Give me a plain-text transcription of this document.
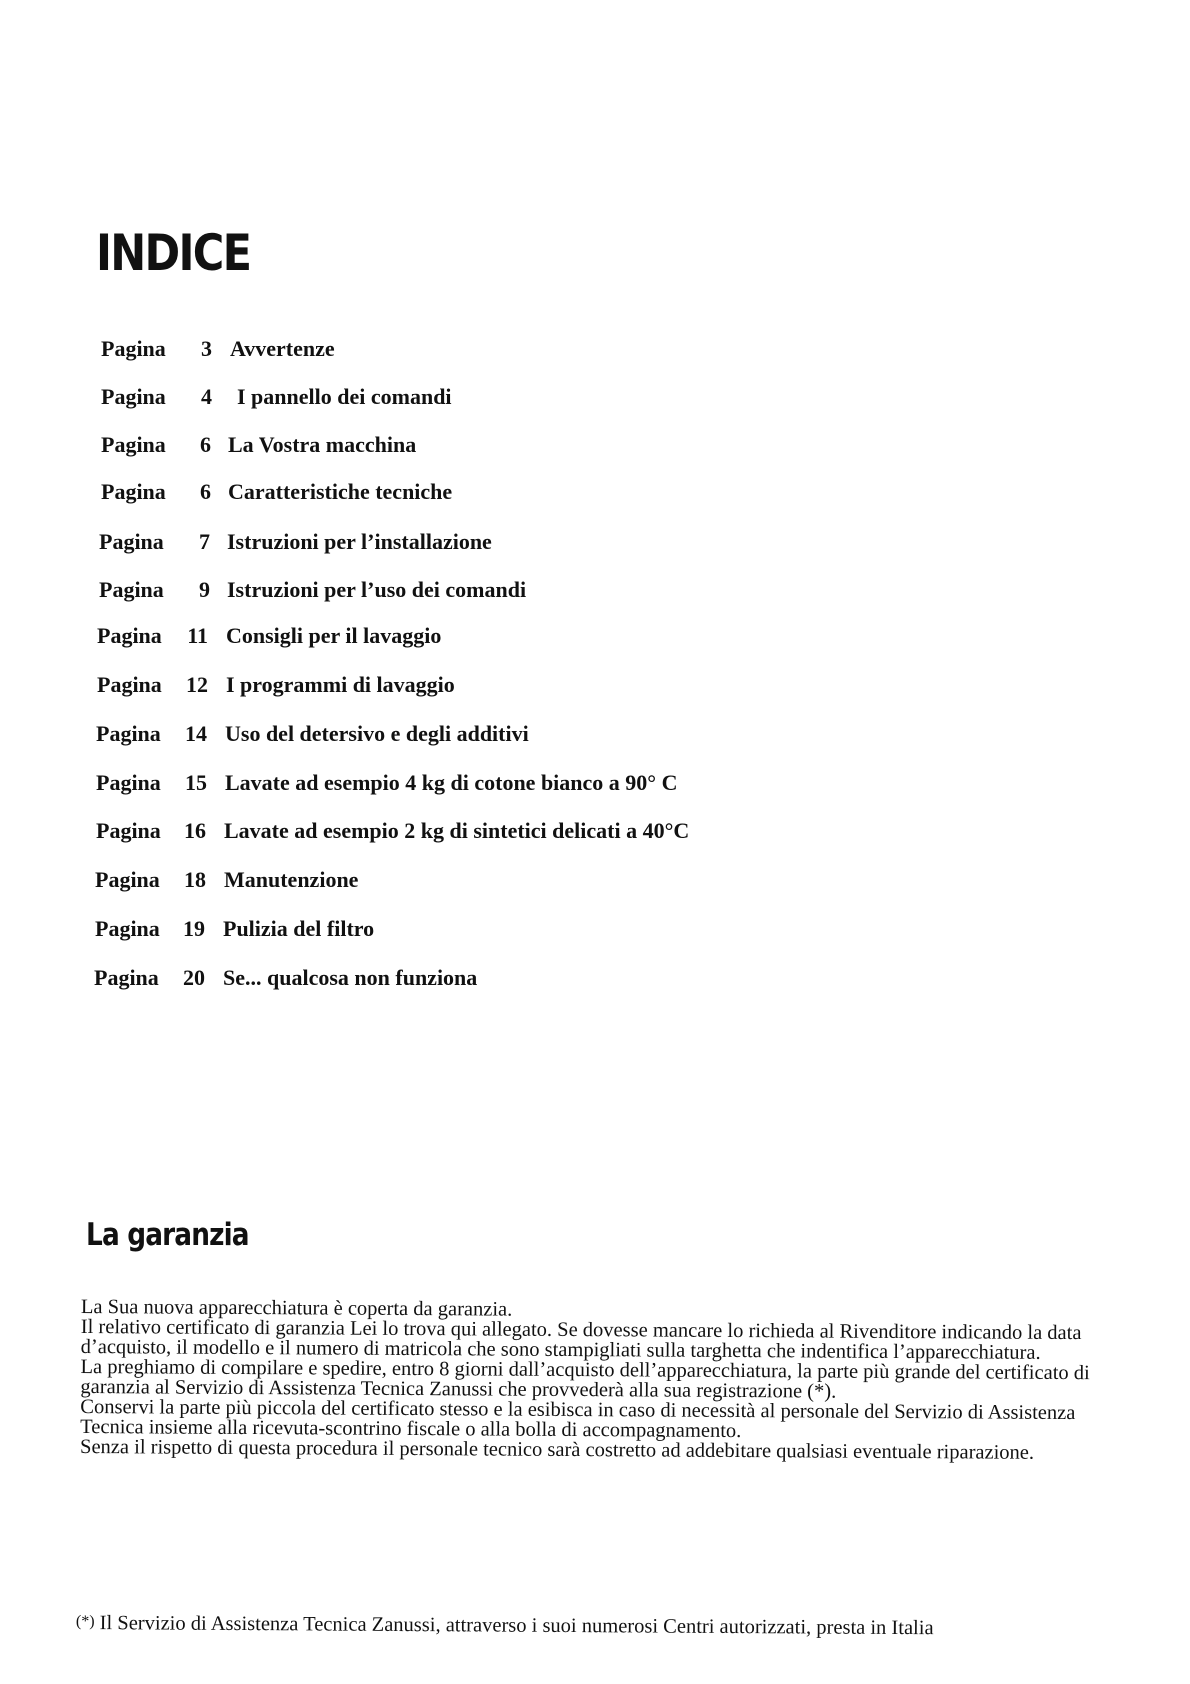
INDICE
Pagina	3 Avvertenze
Pagina	4 I pannello dei comandi
Pagina	6 La Vostra macchina
Pagina	6 Caratteristiche tecniche
Pagina	7 Istruzioni per l’installazione
Pagina	9 Istruzioni per l’uso dei comandi
Pagina	11 Consigli per il lavaggio
Pagina	12 I programmi di lavaggio
Pagina	14 Uso del detersivo e degli additivi
Pagina	15 Lavate ad esempio 4 kg di cotone bianco a 90° C
Pagina	16 Lavate ad esempio 2 kg di sintetici delicati a 40°C
Pagina	18 Manutenzione
Pagina	19 Pulizia del filtro
Pagina	20 Se... qualcosa non funziona
La garanzia

La Sua nuova apparecchiatura è coperta da garanzia.

Il relativo certificato di garanzia Lei lo trova qui allegato. Se dovesse mancare lo richieda al Rivenditore indicando la data d’acquisto, il modello e il numero di matricola che sono stampigliati sulla targhetta che indentifica l’apparecchiatura.

La preghiamo di compilare e spedire, entro 8 giorni dall’acquisto dell’apparecchiatura, la parte più grande del certificato di garanzia al Servizio di Assistenza Tecnica Zanussi che provvederà alla sua registrazione (*).

Conservi la parte più piccola del certificato stesso e la esibisca in caso di necessità al personale del Servizio di Assistenza Tecnica insieme alla ricevuta-scontrino fiscale o alla bolla di accompagnamento.

Senza il rispetto di questa procedura il personale tecnico sarà costretto ad addebitare qualsiasi eventuale riparazione.

(*) Il Servizio di Assistenza Tecnica Zanussi, attraverso i suoi numerosi Centri autorizzati, presta in Italia
